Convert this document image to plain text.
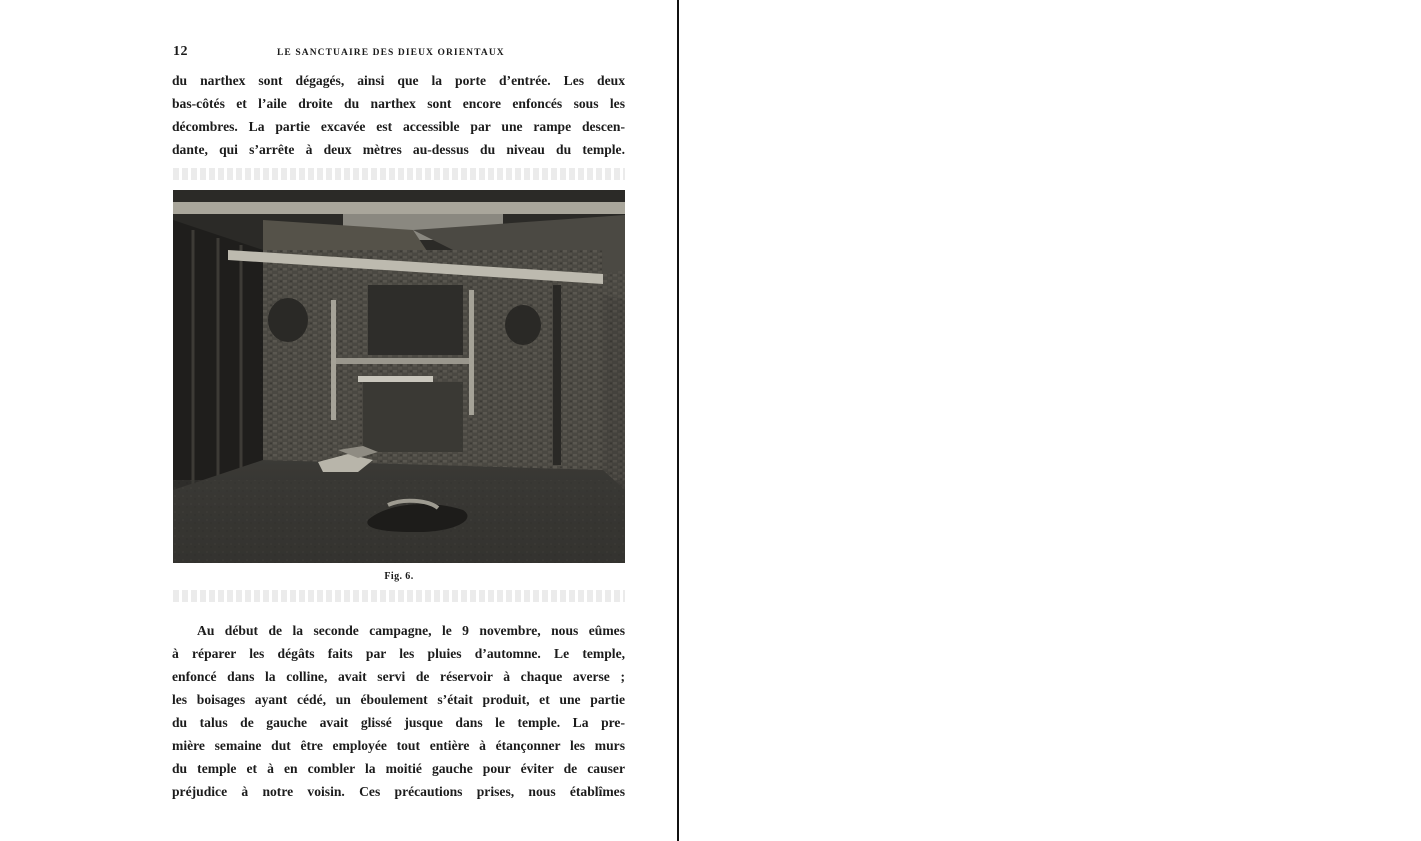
12	LE SANCTUAIRE DES DIEUX ORIENTAUX
du narthex sont dégagés, ainsi que la porte d’entrée. Les deux
bas-côtés et l’aile droite du narthex sont encore enfoncés sous les
décombres. La partie excavée est accessible par une rampe descen-
dante, qui s’arrête à deux mètres au-dessus du niveau du temple.
Fig. 6.
Au début de la seconde campagne, le 9 novembre, nous eûmes
à réparer les dégâts faits par les pluies d’automne. Le temple,
enfoncé dans la colline, avait servi de réservoir à chaque averse ;
les boisages ayant cédé, un éboulement s’était produit, et une partie
du talus de gauche avait glissé jusque dans le temple. La pre-
mière semaine dut être employée tout entière à étançonner les murs
du temple et à en combler la moitié gauche pour éviter de causer
préjudice à notre voisin. Ces précautions prises, nous établîmes
